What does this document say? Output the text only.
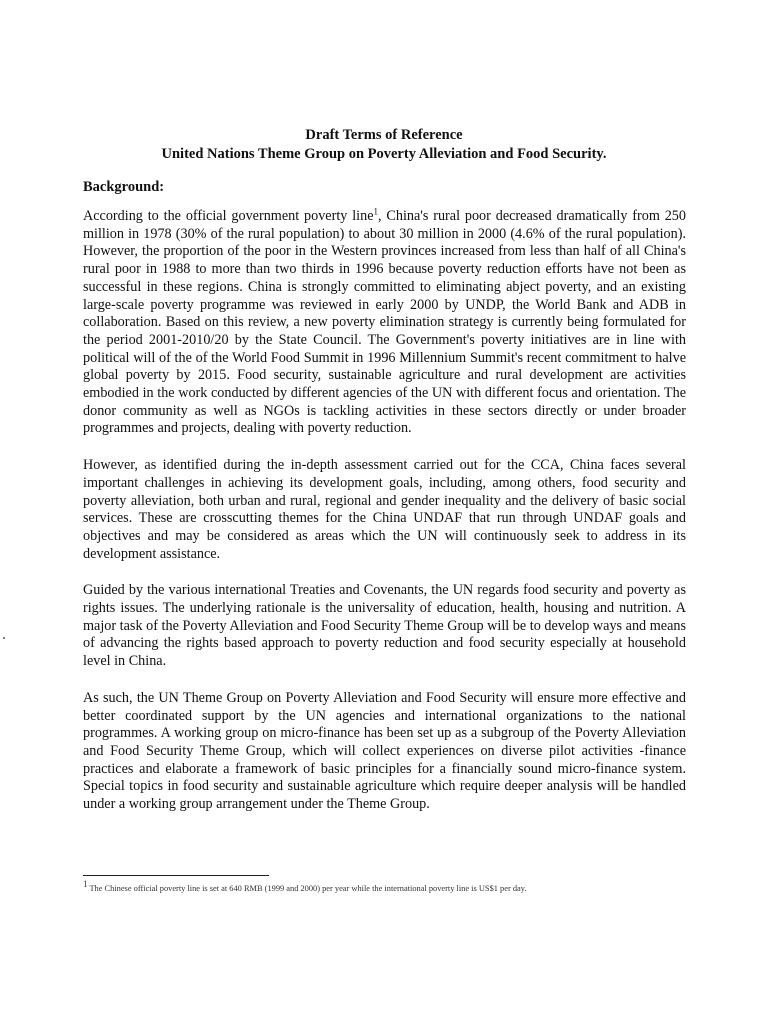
Draft Terms of Reference
United Nations Theme Group on Poverty Alleviation and Food Security.
Background:

According to the official government poverty line$^1$, China's rural poor decreased dramatically from 250 million in 1978 (30% of the rural population) to about 30 million in 2000 (4.6% of the rural population). However, the proportion of the poor in the Western provinces increased from less than half of all China's rural poor in 1988 to more than two thirds in 1996 because poverty reduction efforts have not been as successful in these regions. China is strongly committed to eliminating abject poverty, and an existing large-scale poverty programme was reviewed in early 2000 by UNDP, the World Bank and ADB in collaboration. Based on this review, a new poverty elimination strategy is currently being formulated for the period 2001-2010/20 by the State Council. The Government's poverty initiatives are in line with political will of the of the World Food Summit in 1996 Millennium Summit's recent commitment to halve global poverty by 2015. Food security, sustainable agriculture and rural development are activities embodied in the work conducted by different agencies of the UN with different focus and orientation. The donor community as well as NGOs is tackling activities in these sectors directly or under broader programmes and projects, dealing with poverty reduction.

However, as identified during the in-depth assessment carried out for the CCA, China faces several important challenges in achieving its development goals, including, among others, food security and poverty alleviation, both urban and rural, regional and gender inequality and the delivery of basic social services. These are crosscutting themes for the China UNDAF that run through UNDAF goals and objectives and may be considered as areas which the UN will continuously seek to address in its development assistance.

Guided by the various international Treaties and Covenants, the UN regards food security and poverty as rights issues. The underlying rationale is the universality of education, health, housing and nutrition. A major task of the Poverty Alleviation and Food Security Theme Group will be to develop ways and means of advancing the rights based approach to poverty reduction and food security especially at household level in China.

As such, the UN Theme Group on Poverty Alleviation and Food Security will ensure more effective and better coordinated support by the UN agencies and international organizations to the national programmes. A working group on micro-finance has been set up as a subgroup of the Poverty Alleviation and Food Security Theme Group, which will collect experiences on diverse pilot activities -finance practices and elaborate a framework of basic principles for a financially sound micro-finance system. Special topics in food security and sustainable agriculture which require deeper analysis will be handled under a working group arrangement under the Theme Group.

$^1$ The Chinese official poverty line is set at 640 RMB (1999 and 2000) per year while the international poverty line is US$1 per day.
